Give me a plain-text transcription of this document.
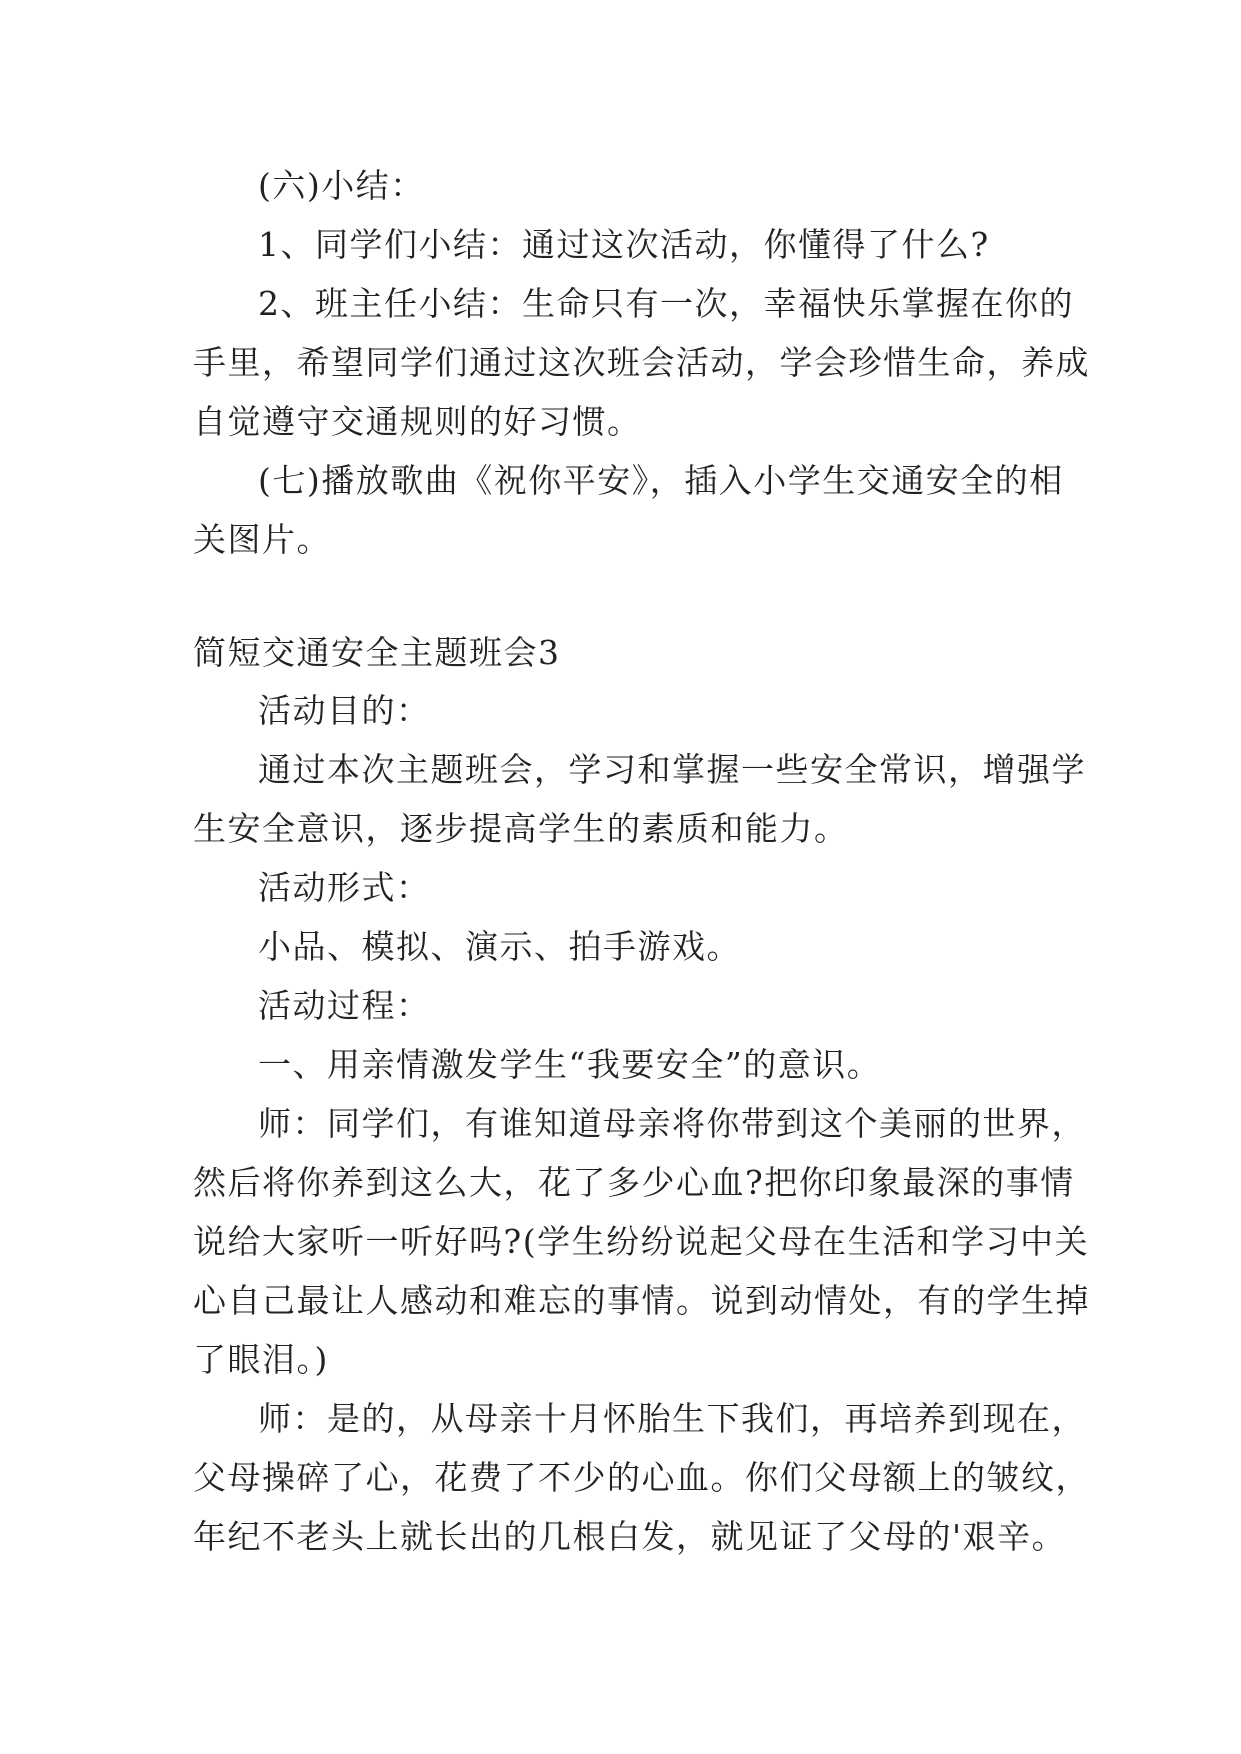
(六)小结：
1、同学们小结：通过这次活动，你懂得了什么?
2、班主任小结：生命只有一次，幸福快乐掌握在你的
手里，希望同学们通过这次班会活动，学会珍惜生命，养成
自觉遵守交通规则的好习惯。
(七)播放歌曲《祝你平安》，插入小学生交通安全的相
关图片。
简短交通安全主题班会3
活动目的：
通过本次主题班会，学习和掌握一些安全常识，增强学
生安全意识，逐步提高学生的素质和能力。
活动形式：
小品、模拟、演示、拍手游戏。
活动过程：
一、用亲情激发学生“我要安全”的意识。
师：同学们，有谁知道母亲将你带到这个美丽的世界，
然后将你养到这么大，花了多少心血?把你印象最深的事情
说给大家听一听好吗?(学生纷纷说起父母在生活和学习中关
心自己最让人感动和难忘的事情。说到动情处，有的学生掉
了眼泪。)
师：是的，从母亲十月怀胎生下我们，再培养到现在，
父母操碎了心，花费了不少的心血。你们父母额上的皱纹，
年纪不老头上就长出的几根白发，就见证了父母的'艰辛。
